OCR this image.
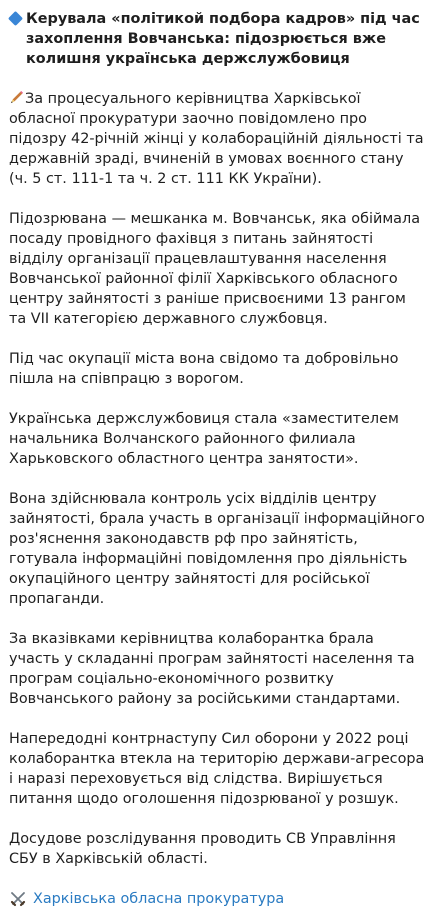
Керувала «політикой подбора кадров» під час захоплення Вовчанська: підозрюється вже колишня українська держслужбовиця

За процесуального керівництва Харківської обласної прокуратури заочно повідомлено про підозру 42-річній жінці у колабораційній діяльності та державній зраді, вчиненій в умовах воєнного стану (ч. 5 ст. 111-1 та ч. 2 ст. 111 КК України).

Підозрювана — мешканка м. Вовчанськ, яка обіймала посаду провідного фахівця з питань зайнятості відділу організації працевлаштування населення Вовчанської районної філії Харківського обласного центру зайнятості з раніше присвоєними 13 рангом та VII категорією державного службовця.

Під час окупації міста вона свідомо та добровільно пішла на співпрацю з ворогом.

Українська держслужбовиця стала «заместителем начальника Волчанского районного филиала Харьковского областного центра занятости».

Вона здійснювала контроль усіх відділів центру зайнятості, брала участь в організації інформаційного роз'яснення законодавств рф про зайнятість, готувала інформаційні повідомлення про діяльність окупаційного центру зайнятості для російської пропаганди.

За вказівками керівництва колаборантка брала участь у складанні програм зайнятості населення та програм соціально-економічного розвитку Вовчанського району за російськими стандартами.

Напередодні контрнаступу Сил оборони у 2022 році колаборантка втекла на територію держави-агресора і наразі переховується від слідства. Вирішується питання щодо оголошення підозрюваної у розшук.

Досудове розслідування проводить СВ Управління СБУ в Харківській області.

Харківська обласна прокуратура
